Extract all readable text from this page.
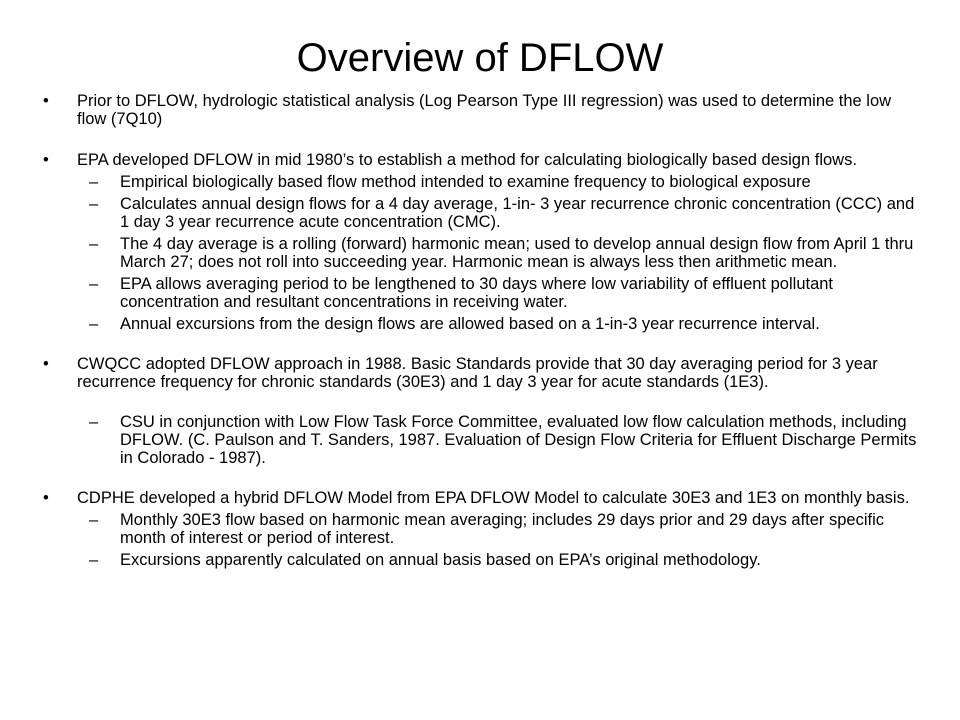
Overview of DFLOW
• Prior to DFLOW, hydrologic statistical analysis (Log Pearson Type III regression) was used to determine the low flow (7Q10)
• EPA developed DFLOW in mid 1980’s to establish a method for calculating biologically based design flows.
– Empirical biologically based flow method intended to examine frequency to biological exposure
– Calculates annual design flows for a 4 day average, 1-in- 3 year recurrence chronic concentration (CCC) and 1 day 3 year recurrence acute concentration (CMC).
– The 4 day average is a rolling (forward) harmonic mean; used to develop annual design flow from April 1 thru March 27; does not roll into succeeding year. Harmonic mean is always less then arithmetic mean.
– EPA allows averaging period to be lengthened to 30 days where low variability of effluent pollutant concentration and resultant concentrations in receiving water.
– Annual excursions from the design flows are allowed based on a 1-in-3 year recurrence interval.
• CWQCC adopted DFLOW approach in 1988. Basic Standards provide that 30 day averaging period for 3 year recurrence frequency for chronic standards (30E3) and 1 day 3 year for acute standards (1E3).
– CSU in conjunction with Low Flow Task Force Committee, evaluated low flow calculation methods, including DFLOW. (C. Paulson and T. Sanders, 1987. Evaluation of Design Flow Criteria for Effluent Discharge Permits in Colorado - 1987).
• CDPHE developed a hybrid DFLOW Model from EPA DFLOW Model to calculate 30E3 and 1E3 on monthly basis.
– Monthly 30E3 flow based on harmonic mean averaging; includes 29 days prior and 29 days after specific month of interest or period of interest.
– Excursions apparently calculated on annual basis based on EPA’s original methodology.
